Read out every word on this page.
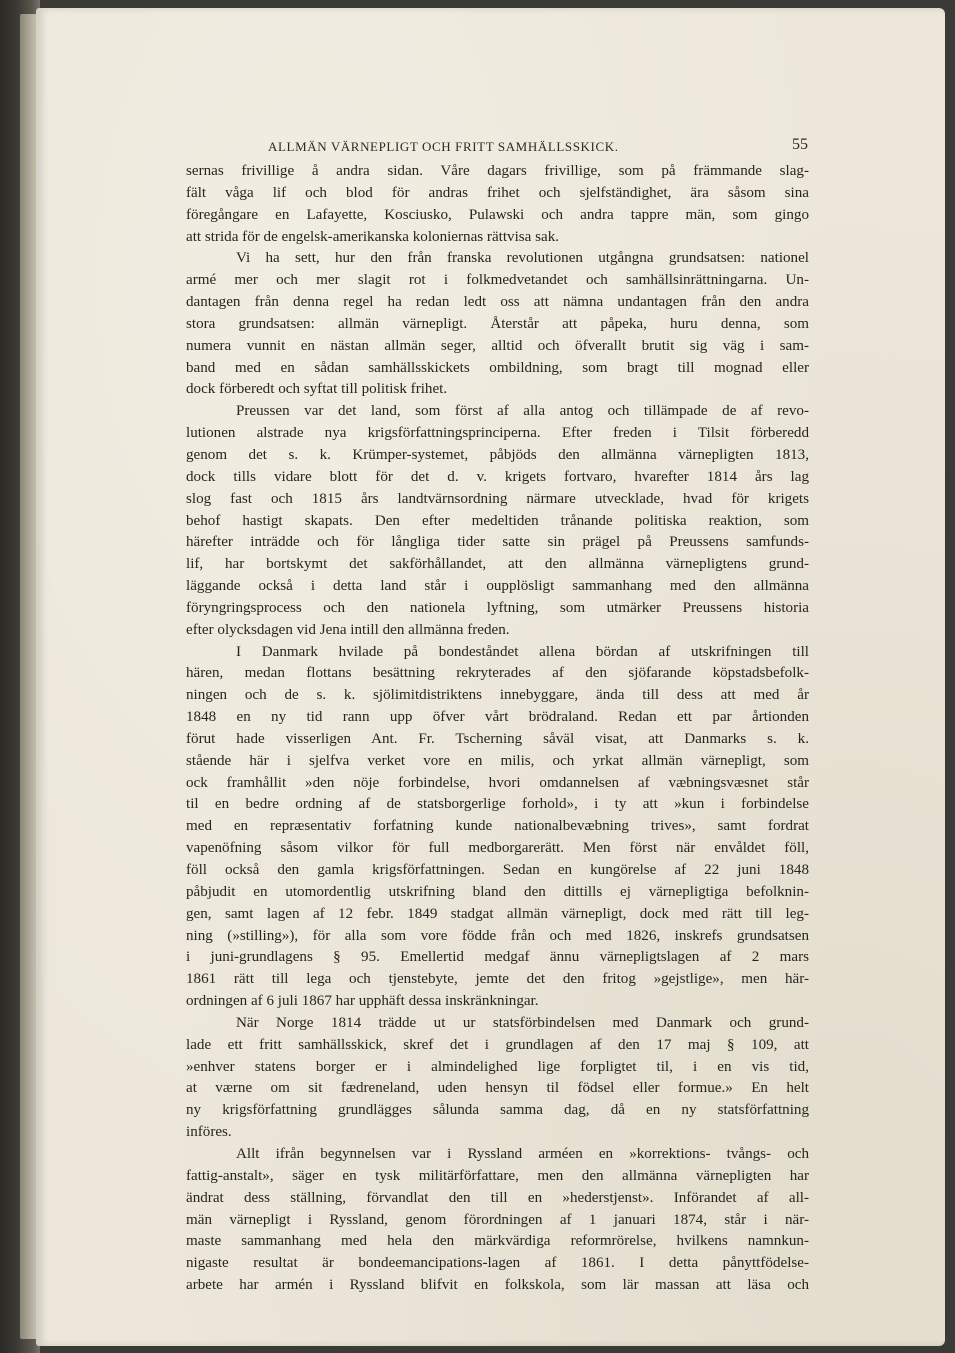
ALLMÄN VÄRNEPLIGT OCH FRITT SAMHÄLLSSKICK.	55
sernas frivillige å andra sidan. Våre dagars frivillige, som på främmande slag-
fält våga lif och blod för andras frihet och sjelfständighet, ära såsom sina
föregångare en Lafayette, Kosciusko, Pulawski och andra tappre män, som gingo
att strida för de engelsk-amerikanska koloniernas rättvisa sak.
Vi ha sett, hur den från franska revolutionen utgångna grundsatsen: nationel
armé mer och mer slagit rot i folkmedvetandet och samhällsinrättningarna. Un-
dantagen från denna regel ha redan ledt oss att nämna undantagen från den andra
stora grundsatsen: allmän värnepligt. Återstår att påpeka, huru denna, som
numera vunnit en nästan allmän seger, alltid och öfverallt brutit sig väg i sam-
band med en sådan samhällsskickets ombildning, som bragt till mognad eller
dock förberedt och syftat till politisk frihet.
Preussen var det land, som först af alla antog och tillämpade de af revo-
lutionen alstrade nya krigsförfattningsprinciperna. Efter freden i Tilsit förberedd
genom det s. k. Krümper-systemet, påbjöds den allmänna värnepligten 1813,
dock tills vidare blott för det d. v. krigets fortvaro, hvarefter 1814 års lag
slog fast och 1815 års landtvärnsordning närmare utvecklade, hvad för krigets
behof hastigt skapats. Den efter medeltiden trånande politiska reaktion, som
härefter inträdde och för långliga tider satte sin prägel på Preussens samfunds-
lif, har bortskymt det sakförhållandet, att den allmänna värnepligtens grund-
läggande också i detta land står i oupplösligt sammanhang med den allmänna
föryngringsprocess och den nationela lyftning, som utmärker Preussens historia
efter olycksdagen vid Jena intill den allmänna freden.
I Danmark hvilade på bondeståndet allena bördan af utskrifningen till
hären, medan flottans besättning rekryterades af den sjöfarande köpstadsbefolk-
ningen och de s. k. sjölimitdistriktens innebyggare, ända till dess att med år
1848 en ny tid rann upp öfver vårt brödraland. Redan ett par årtionden
förut hade visserligen Ant. Fr. Tscherning såväl visat, att Danmarks s. k.
stående här i sjelfva verket vore en milis, och yrkat allmän värnepligt, som
ock framhållit »den nöje forbindelse, hvori omdannelsen af væbningsvæsnet står
til en bedre ordning af de statsborgerlige forhold», i ty att »kun i forbindelse
med en repræsentativ forfatning kunde nationalbevæbning trives», samt fordrat
vapenöfning såsom vilkor för full medborgarerätt. Men först när envåldet föll,
föll också den gamla krigsförfattningen. Sedan en kungörelse af 22 juni 1848
påbjudit en utomordentlig utskrifning bland den dittills ej värnepligtiga befolknin-
gen, samt lagen af 12 febr. 1849 stadgat allmän värnepligt, dock med rätt till leg-
ning (»stilling»), för alla som vore födde från och med 1826, inskrefs grundsatsen
i juni-grundlagens § 95. Emellertid medgaf ännu värnepligtslagen af 2 mars
1861 rätt till lega och tjenstebyte, jemte det den fritog »gejstlige», men här-
ordningen af 6 juli 1867 har upphäft dessa inskränkningar.
När Norge 1814 trädde ut ur statsförbindelsen med Danmark och grund-
lade ett fritt samhällsskick, skref det i grundlagen af den 17 maj § 109, att
»enhver statens borger er i almindelighed lige forpligtet til, i en vis tid,
at værne om sit fædreneland, uden hensyn til födsel eller formue.» En helt
ny krigsförfattning grundlägges sålunda samma dag, då en ny statsförfattning
införes.
Allt ifrån begynnelsen var i Ryssland arméen en »korrektions- tvångs- och
fattig-anstalt», säger en tysk militärförfattare, men den allmänna värnepligten har
ändrat dess ställning, förvandlat den till en »hederstjenst». Införandet af all-
män värnepligt i Ryssland, genom förordningen af 1 januari 1874, står i när-
maste sammanhang med hela den märkvärdiga reformrörelse, hvilkens namnkun-
nigaste resultat är bondeemancipations-lagen af 1861. I detta pånyttfödelse-
arbete har armén i Ryssland blifvit en folkskola, som lär massan att läsa och
